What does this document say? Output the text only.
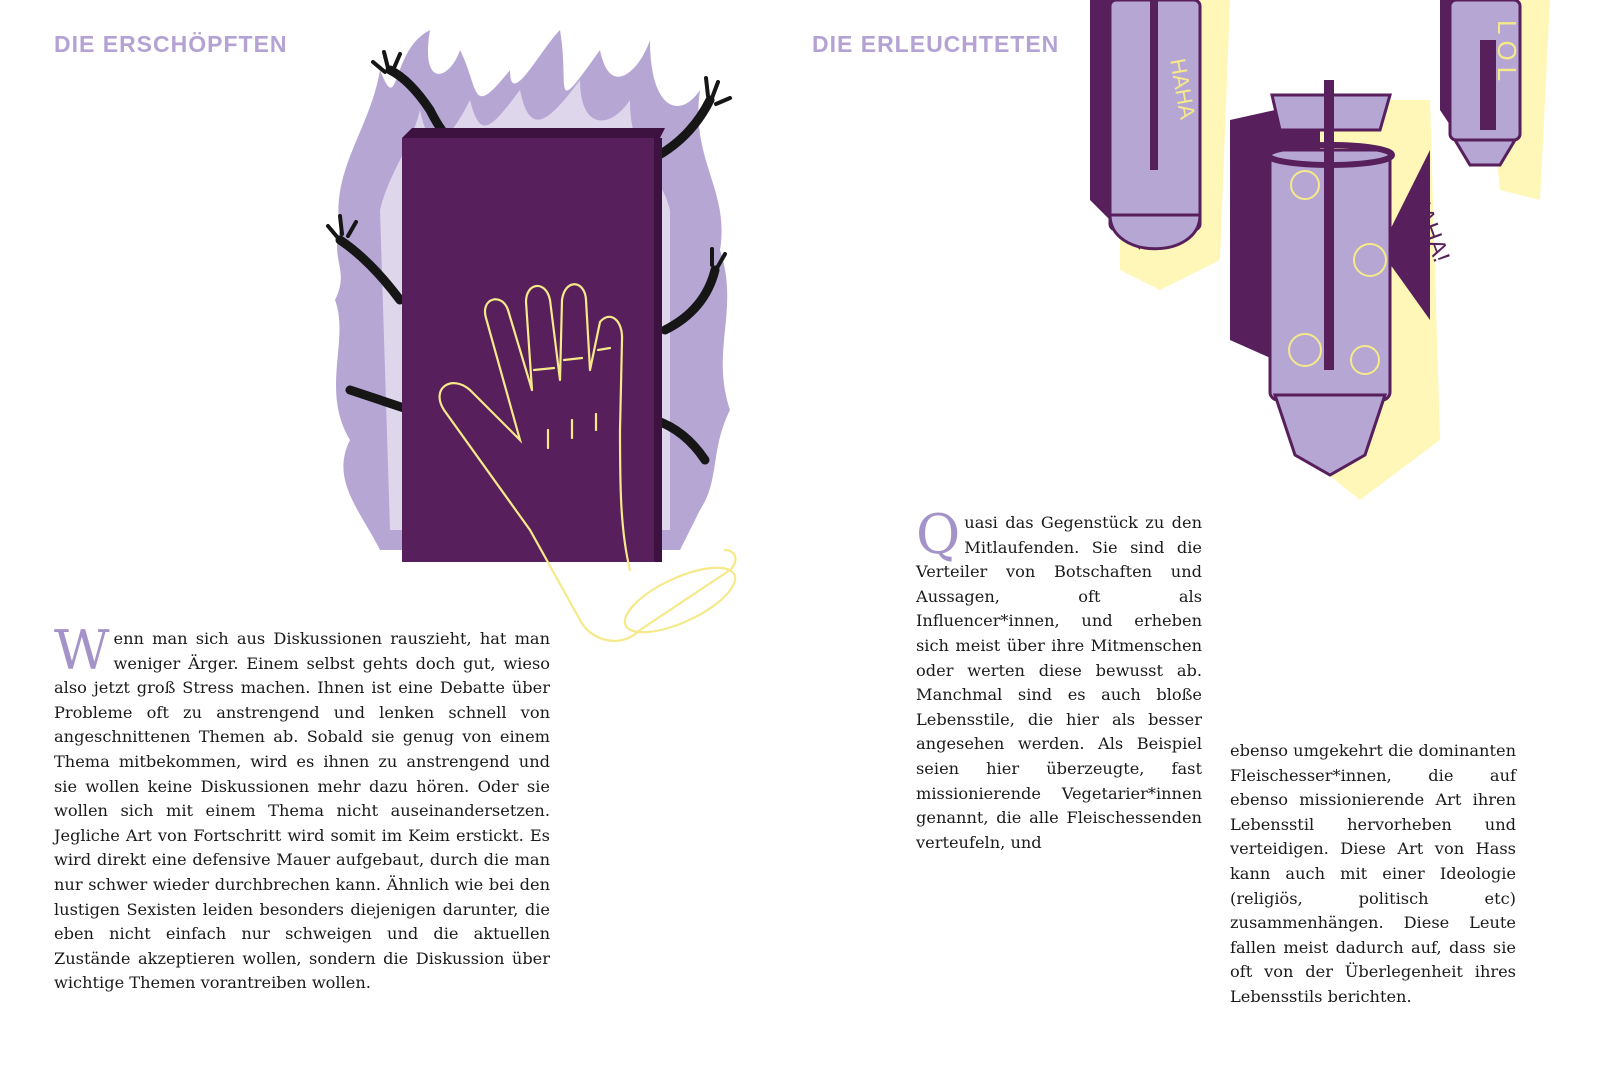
DIE ERSCHÖPFTEN

Wenn man sich aus Diskussionen rauszieht, hat man weniger Ärger. Einem selbst gehts doch gut, wieso also jetzt groß Stress machen. Ihnen ist eine Debatte über Probleme oft zu anstrengend und lenken schnell von angeschnittenen Themen ab. Sobald sie genug von einem Thema mitbekommen, wird es ihnen zu anstrengend und sie wollen keine Diskussionen mehr dazu hören. Oder sie wollen sich mit einem Thema nicht auseinandersetzen. Jegliche Art von Fortschritt wird somit im Keim erstickt. Es wird direkt eine defensive Mauer aufgebaut, durch die man nur schwer wieder durchbrechen kann. Ähnlich wie bei den lustigen Sexisten leiden besonders diejenigen darunter, die eben nicht einfach nur schweigen und die aktuellen Zustände akzeptieren wollen, sondern die Diskussion über wichtige Themen vorantreiben wollen.

DIE ERLEUCHTETEN
HAHA
LOL
HAHA!

Quasi das Gegenstück zu den Mitlaufenden. Sie sind die Verteiler von Botschaften und Aussagen, oft als Influencer*innen, und erheben sich meist über ihre Mitmenschen oder werten diese bewusst ab. Manchmal sind es auch bloße Lebensstile, die hier als besser angesehen werden. Als Beispiel seien hier überzeugte, fast missionierende Vegetarier*innen genannt, die alle Fleischessenden verteufeln, und

ebenso umgekehrt die dominanten Fleischesser*innen, die auf ebenso missionierende Art ihren Lebensstil hervorheben und verteidigen. Diese Art von Hass kann auch mit einer Ideologie (religiös, politisch etc) zusammenhängen. Diese Leute fallen meist dadurch auf, dass sie oft von der Überlegenheit ihres Lebensstils berichten.
